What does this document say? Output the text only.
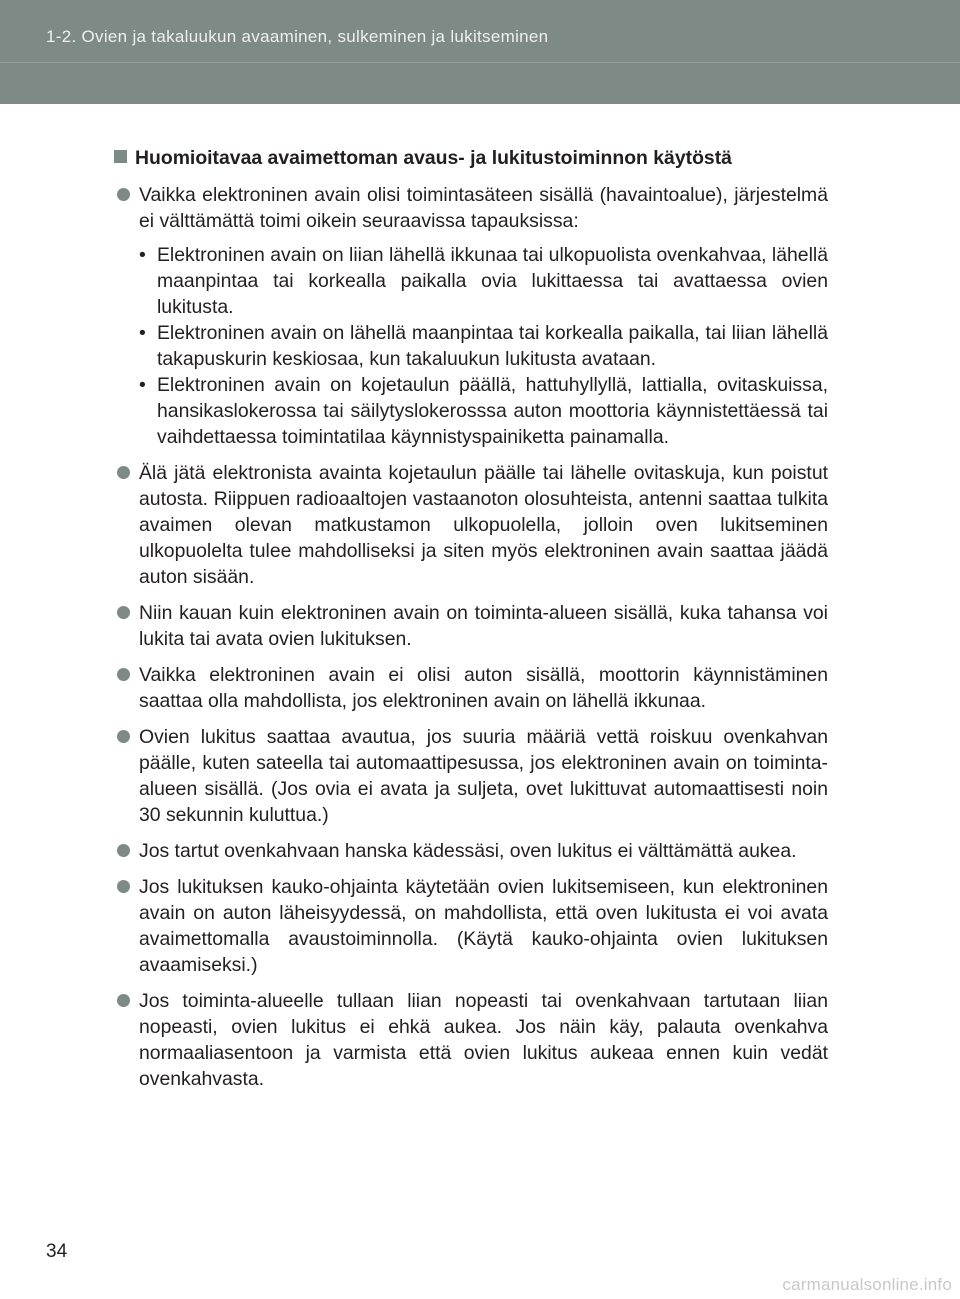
1-2. Ovien ja takaluukun avaaminen, sulkeminen ja lukitseminen
Huomioitavaa avaimettoman avaus- ja lukitustoiminnon käytöstä
Vaikka elektroninen avain olisi toimintasäteen sisällä (havaintoalue), järjestelmä ei välttämättä toimi oikein seuraavissa tapauksissa:
• Elektroninen avain on liian lähellä ikkunaa tai ulkopuolista ovenkahvaa, lähellä maanpintaa tai korkealla paikalla ovia lukittaessa tai avattaessa ovien lukitusta.
• Elektroninen avain on lähellä maanpintaa tai korkealla paikalla, tai liian lähellä takapuskurin keskiosaa, kun takaluukun lukitusta avataan.
• Elektroninen avain on kojetaulun päällä, hattuhyllyllä, lattialla, ovitaskuissa, hansikaslokerossa tai säilytyslokerosssa auton moottoria käynnistettäessä tai vaihdettaessa toimintatilaa käynnistyspainiketta painamalla.
Älä jätä elektronista avainta kojetaulun päälle tai lähelle ovitaskuja, kun poistut autosta. Riippuen radioaaltojen vastaanoton olosuhteista, antenni saattaa tulkita avaimen olevan matkustamon ulkopuolella, jolloin oven lukitseminen ulkopuolelta tulee mahdolliseksi ja siten myös elektroninen avain saattaa jäädä auton sisään.
Niin kauan kuin elektroninen avain on toiminta-alueen sisällä, kuka tahansa voi lukita tai avata ovien lukituksen.
Vaikka elektroninen avain ei olisi auton sisällä, moottorin käynnistäminen saattaa olla mahdollista, jos elektroninen avain on lähellä ikkunaa.
Ovien lukitus saattaa avautua, jos suuria määriä vettä roiskuu ovenkahvan päälle, kuten sateella tai automaattipesussa, jos elektroninen avain on toiminta-alueen sisällä. (Jos ovia ei avata ja suljeta, ovet lukittuvat automaattisesti noin 30 sekunnin kuluttua.)
Jos tartut ovenkahvaan hanska kädessäsi, oven lukitus ei välttämättä aukea.
Jos lukituksen kauko-ohjainta käytetään ovien lukitsemiseen, kun elektroninen avain on auton läheisyydessä, on mahdollista, että oven lukitusta ei voi avata avaimettomalla avaustoiminnolla. (Käytä kauko-ohjainta ovien lukituksen avaamiseksi.)
Jos toiminta-alueelle tullaan liian nopeasti tai ovenkahvaan tartutaan liian nopeasti, ovien lukitus ei ehkä aukea. Jos näin käy, palauta ovenkahva normaaliasentoon ja varmista että ovien lukitus aukeaa ennen kuin vedät ovenkahvasta.
34
carmanualsonline.info
